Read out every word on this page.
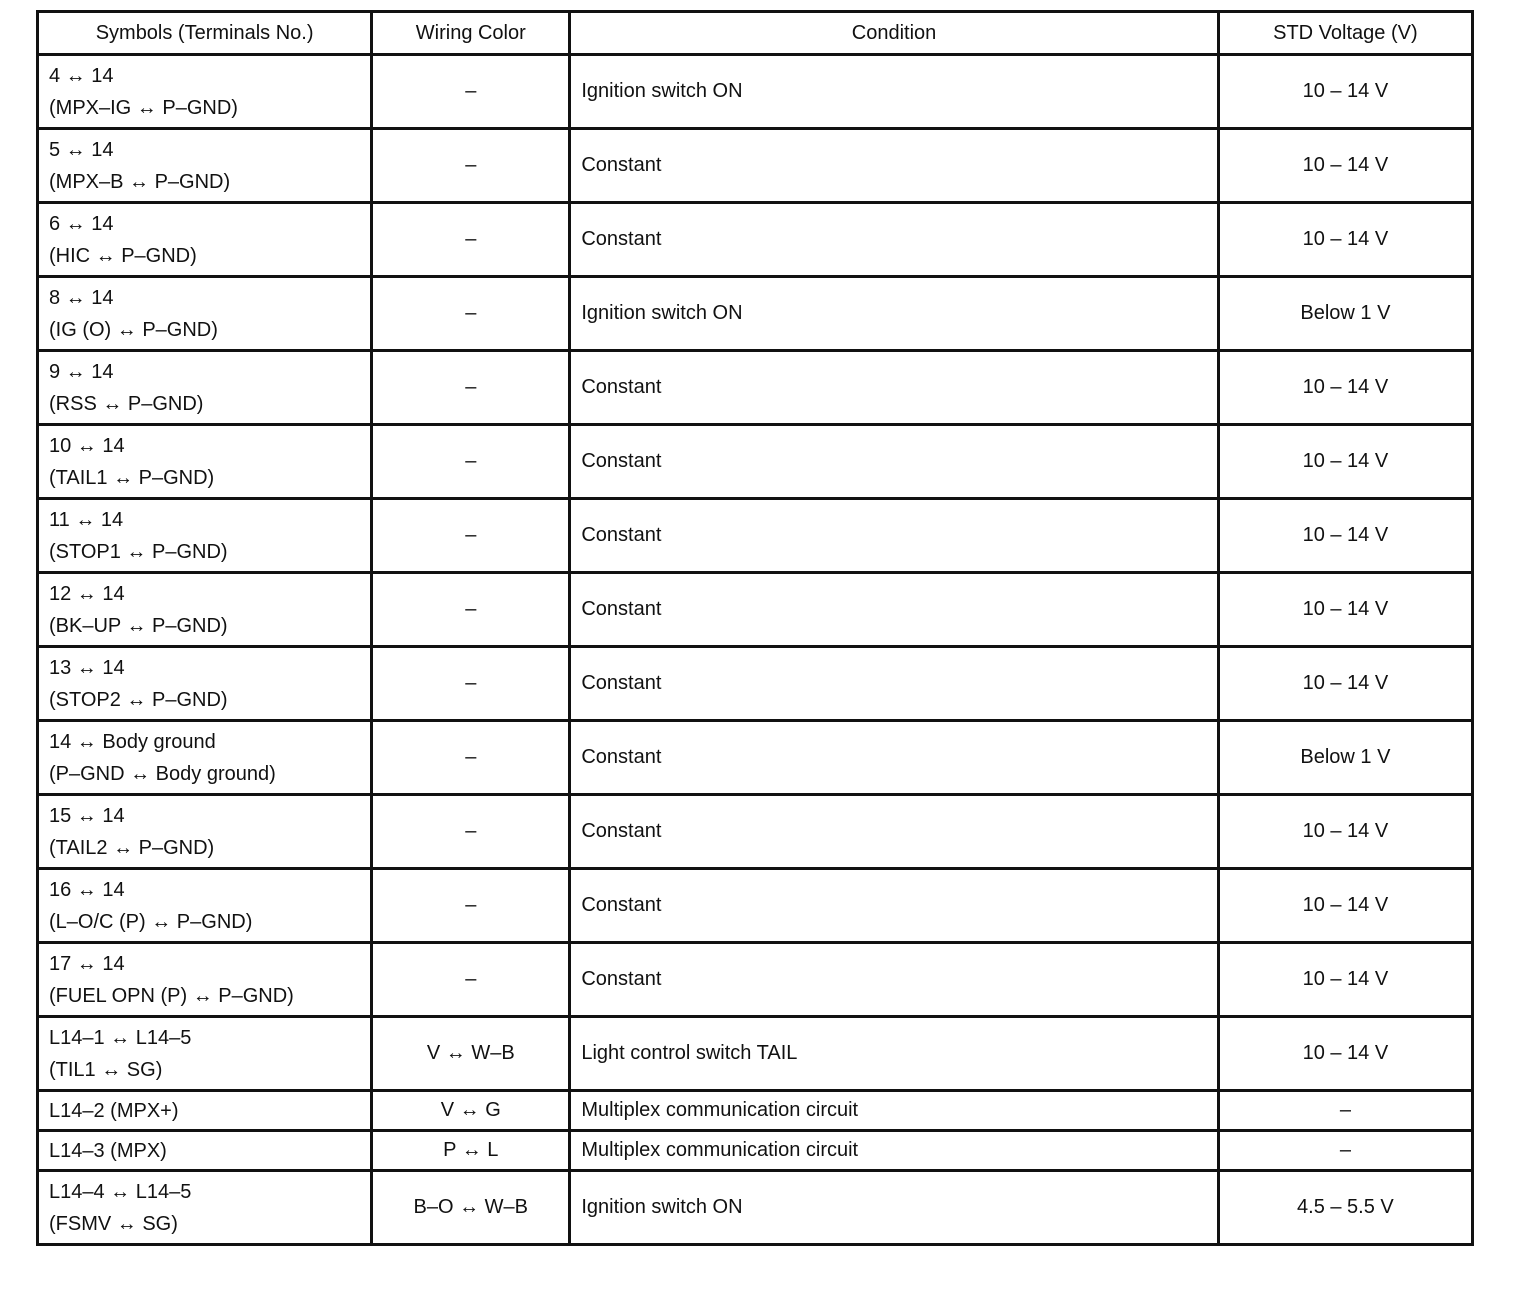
Symbols (Terminals No.)	Wiring Color	Condition	STD Voltage (V)

4 ↔ 14
(MPX–IG ↔ P–GND)	–	Ignition switch ON	10 – 14 V

5 ↔ 14
(MPX–B ↔ P–GND)	–	Constant	10 – 14 V

6 ↔ 14
(HIC ↔ P–GND)	–	Constant	10 – 14 V

8 ↔ 14
(IG (O) ↔ P–GND)	–	Ignition switch ON	Below 1 V

9 ↔ 14
(RSS ↔ P–GND)	–	Constant	10 – 14 V

10 ↔ 14
(TAIL1 ↔ P–GND)	–	Constant	10 – 14 V

11 ↔ 14
(STOP1 ↔ P–GND)	–	Constant	10 – 14 V

12 ↔ 14
(BK–UP ↔ P–GND)	–	Constant	10 – 14 V

13 ↔ 14
(STOP2 ↔ P–GND)	–	Constant	10 – 14 V

14 ↔ Body ground
(P–GND ↔ Body ground)	–	Constant	Below 1 V

15 ↔ 14
(TAIL2 ↔ P–GND)	–	Constant	10 – 14 V

16 ↔ 14
(L–O/C (P) ↔ P–GND)	–	Constant	10 – 14 V

17 ↔ 14
(FUEL OPN (P) ↔ P–GND)	–	Constant	10 – 14 V

L14–1 ↔ L14–5
(TIL1 ↔ SG)	V ↔ W–B	Light control switch TAIL	10 – 14 V

L14–2 (MPX+)	V ↔ G	Multiplex communication circuit	–

L14–3 (MPX)	P ↔ L	Multiplex communication circuit	–

L14–4 ↔ L14–5
(FSMV ↔ SG)	B–O ↔ W–B	Ignition switch ON	4.5 – 5.5 V
